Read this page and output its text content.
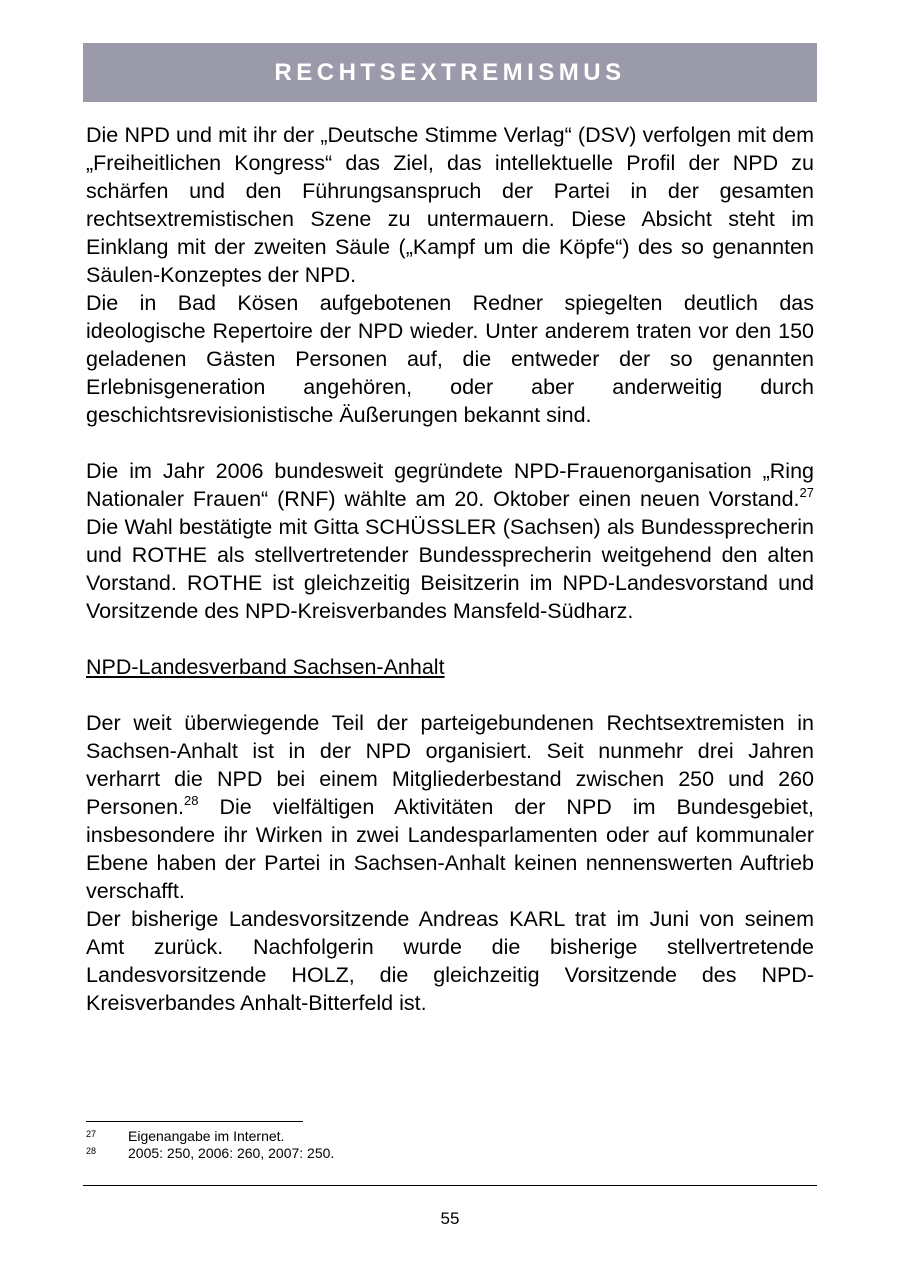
RECHTSEXTREMISMUS

Die NPD und mit ihr der „Deutsche Stimme Verlag“ (DSV) verfolgen mit dem „Freiheitlichen Kongress“ das Ziel, das intellektuelle Profil der NPD zu schärfen und den Führungsanspruch der Partei in der gesamten rechtsextremistischen Szene zu untermauern. Diese Absicht steht im Einklang mit der zweiten Säule („Kampf um die Köpfe“) des so genannten Säulen-Konzeptes der NPD.

Die in Bad Kösen aufgebotenen Redner spiegelten deutlich das ideologische Repertoire der NPD wieder. Unter anderem traten vor den 150 geladenen Gästen Personen auf, die entweder der so genannten Erlebnisgeneration angehören, oder aber anderweitig durch geschichtsrevisionistische Äußerungen bekannt sind.

Die im Jahr 2006 bundesweit gegründete NPD-Frauenorganisation „Ring Nationaler Frauen“ (RNF) wählte am 20. Oktober einen neuen Vorstand.$^{27}$ Die Wahl bestätigte mit Gitta SCHÜSSLER (Sachsen) als Bundessprecherin und ROTHE als stellvertretender Bundessprecherin weitgehend den alten Vorstand. ROTHE ist gleichzeitig Beisitzerin im NPD-Landesvorstand und Vorsitzende des NPD-Kreisverbandes Mansfeld-Südharz.

NPD-Landesverband Sachsen-Anhalt

Der weit überwiegende Teil der parteigebundenen Rechtsextremisten in Sachsen-Anhalt ist in der NPD organisiert. Seit nunmehr drei Jahren verharrt die NPD bei einem Mitgliederbestand zwischen 250 und 260 Personen.$^{28}$ Die vielfältigen Aktivitäten der NPD im Bundesgebiet, insbesondere ihr Wirken in zwei Landesparlamenten oder auf kommunaler Ebene haben der Partei in Sachsen-Anhalt keinen nennenswerten Auftrieb verschafft.

Der bisherige Landesvorsitzende Andreas KARL trat im Juni von seinem Amt zurück. Nachfolgerin wurde die bisherige stellvertretende Landesvorsitzende HOLZ, die gleichzeitig Vorsitzende des NPD-Kreisverbandes Anhalt-Bitterfeld ist.

27	Eigenangabe im Internet.
28	2005: 250, 2006: 260, 2007: 250.
55
